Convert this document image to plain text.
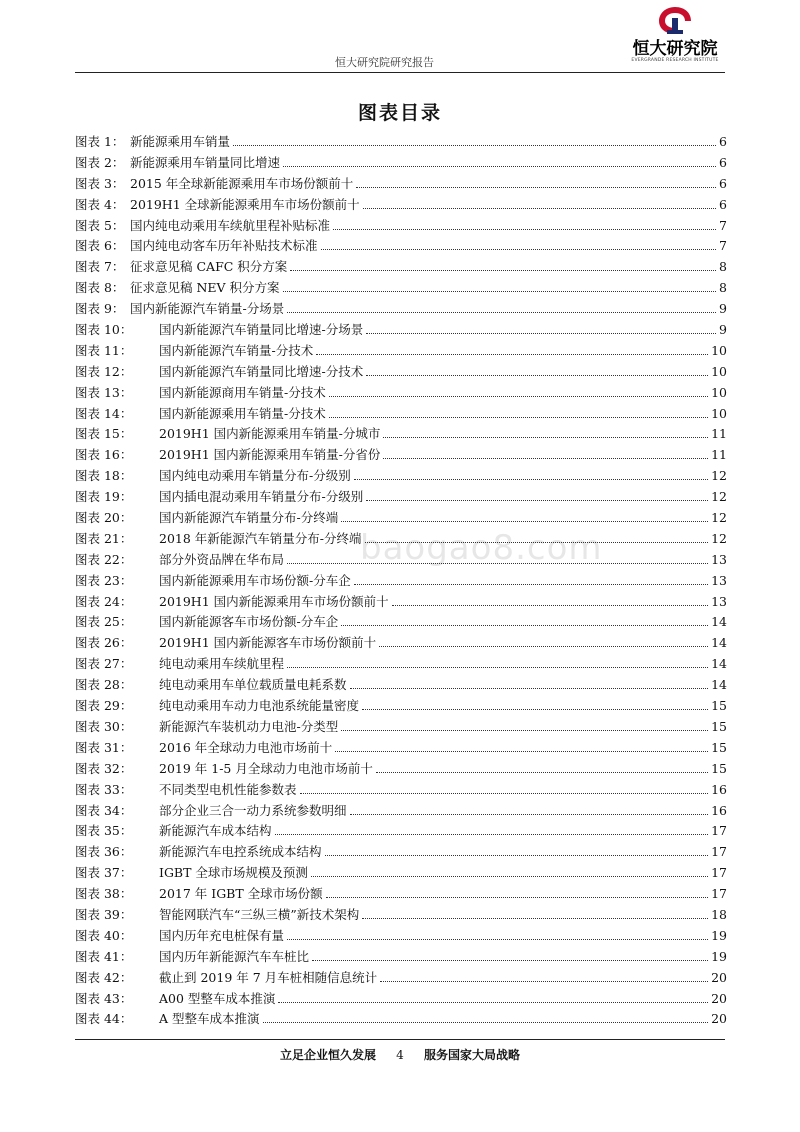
恒大研究院研究报告
恒大研究院
EVERGRANDE RESEARCH INSTITUTE
图表目录
baogao8.com
图表 1： 新能源乘用车销量	6
图表 2： 新能源乘用车销量同比增速	6
图表 3： 2015 年全球新能源乘用车市场份额前十	6
图表 4： 2019H1 全球新能源乘用车市场份额前十	6
图表 5： 国内纯电动乘用车续航里程补贴标准	7
图表 6： 国内纯电动客车历年补贴技术标准	7
图表 7： 征求意见稿 CAFC 积分方案	8
图表 8： 征求意见稿 NEV 积分方案	8
图表 9： 国内新能源汽车销量-分场景	9
图表 10：	国内新能源汽车销量同比增速-分场景	9
图表 11：	国内新能源汽车销量-分技术	10
图表 12：	国内新能源汽车销量同比增速-分技术	10
图表 13：	国内新能源商用车销量-分技术	10
图表 14：	国内新能源乘用车销量-分技术	10
图表 15：	2019H1 国内新能源乘用车销量-分城市	11
图表 16：	2019H1 国内新能源乘用车销量-分省份	11
图表 18：	国内纯电动乘用车销量分布-分级别	12
图表 19：	国内插电混动乘用车销量分布-分级别	12
图表 20：	国内新能源汽车销量分布-分终端	12
图表 21：	2018 年新能源汽车销量分布-分终端	12
图表 22：	部分外资品牌在华布局	13
图表 23：	国内新能源乘用车市场份额-分车企	13
图表 24：	2019H1 国内新能源乘用车市场份额前十	13
图表 25：	国内新能源客车市场份额-分车企	14
图表 26：	2019H1 国内新能源客车市场份额前十	14
图表 27：	纯电动乘用车续航里程	14
图表 28：	纯电动乘用车单位载质量电耗系数	14
图表 29：	纯电动乘用车动力电池系统能量密度	15
图表 30：	新能源汽车装机动力电池-分类型	15
图表 31：	2016 年全球动力电池市场前十	15
图表 32：	2019 年 1-5 月全球动力电池市场前十	15
图表 33：	不同类型电机性能参数表	16
图表 34：	部分企业三合一动力系统参数明细	16
图表 35：	新能源汽车成本结构	17
图表 36：	新能源汽车电控系统成本结构	17
图表 37：	IGBT 全球市场规模及预测	17
图表 38：	2017 年 IGBT 全球市场份额	17
图表 39：	智能网联汽车“三纵三横”新技术架构	18
图表 40：	国内历年充电桩保有量	19
图表 41：	国内历年新能源汽车车桩比	19
图表 42：	截止到 2019 年 7 月车桩相随信息统计	20
图表 43：	A00 型整车成本推演	20
图表 44：	A 型整车成本推演	20
立足企业恒久发展 4 服务国家大局战略
